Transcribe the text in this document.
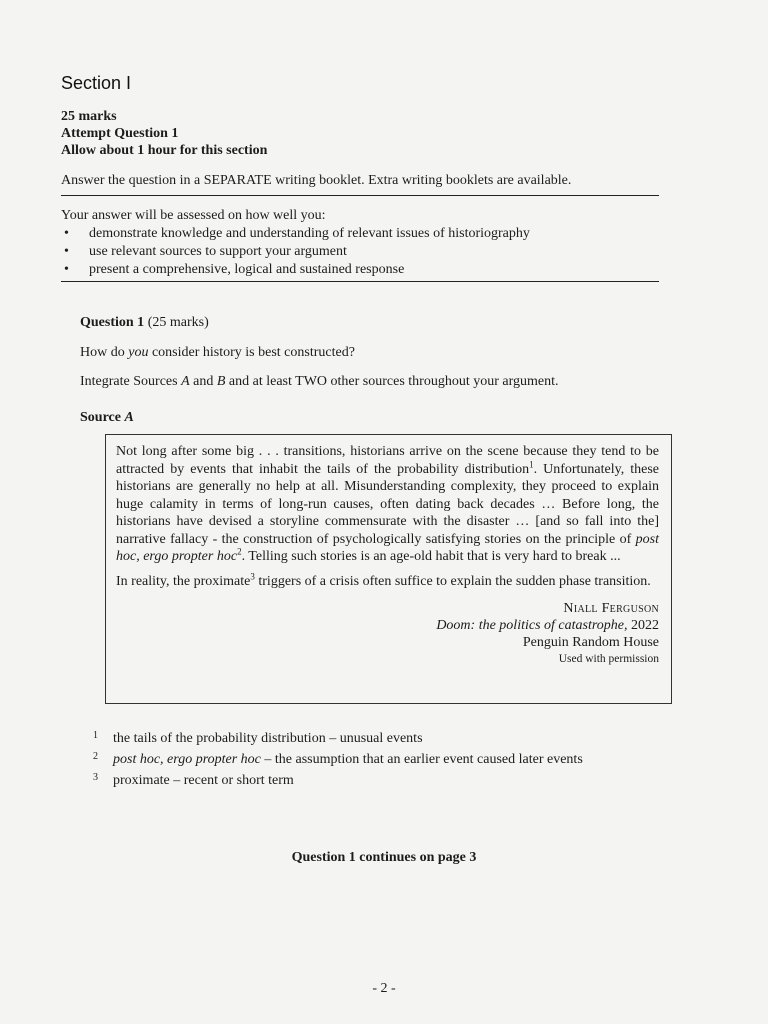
Section I
25 marks
Attempt Question 1
Allow about 1 hour for this section
Answer the question in a SEPARATE writing booklet. Extra writing booklets are available.
Your answer will be assessed on how well you:
• demonstrate knowledge and understanding of relevant issues of historiography
• use relevant sources to support your argument
• present a comprehensive, logical and sustained response
Question 1 (25 marks)
How do you consider history is best constructed?
Integrate Sources A and B and at least TWO other sources throughout your argument.
Source A

Not long after some big . . . transitions, historians arrive on the scene because they tend to be attracted by events that inhabit the tails of the probability distribution$^1$. Unfortunately, these historians are generally no help at all. Misunderstanding complexity, they proceed to explain huge calamity in terms of long-run causes, often dating back decades … Before long, the historians have devised a storyline commensurate with the disaster … [and so fall into the] narrative fallacy - the construction of psychologically satisfying stories on the principle of post hoc, ergo propter hoc$^2$. Telling such stories is an age-old habit that is very hard to break ...

In reality, the proximate$^3$ triggers of a crisis often suffice to explain the sudden phase transition.

Niall Ferguson
Doom: the politics of catastrophe, 2022
Penguin Random House
Used with permission
1 the tails of the probability distribution – unusual events
2 post hoc, ergo propter hoc – the assumption that an earlier event caused later events
3 proximate – recent or short term
Question 1 continues on page 3
- 2 -
